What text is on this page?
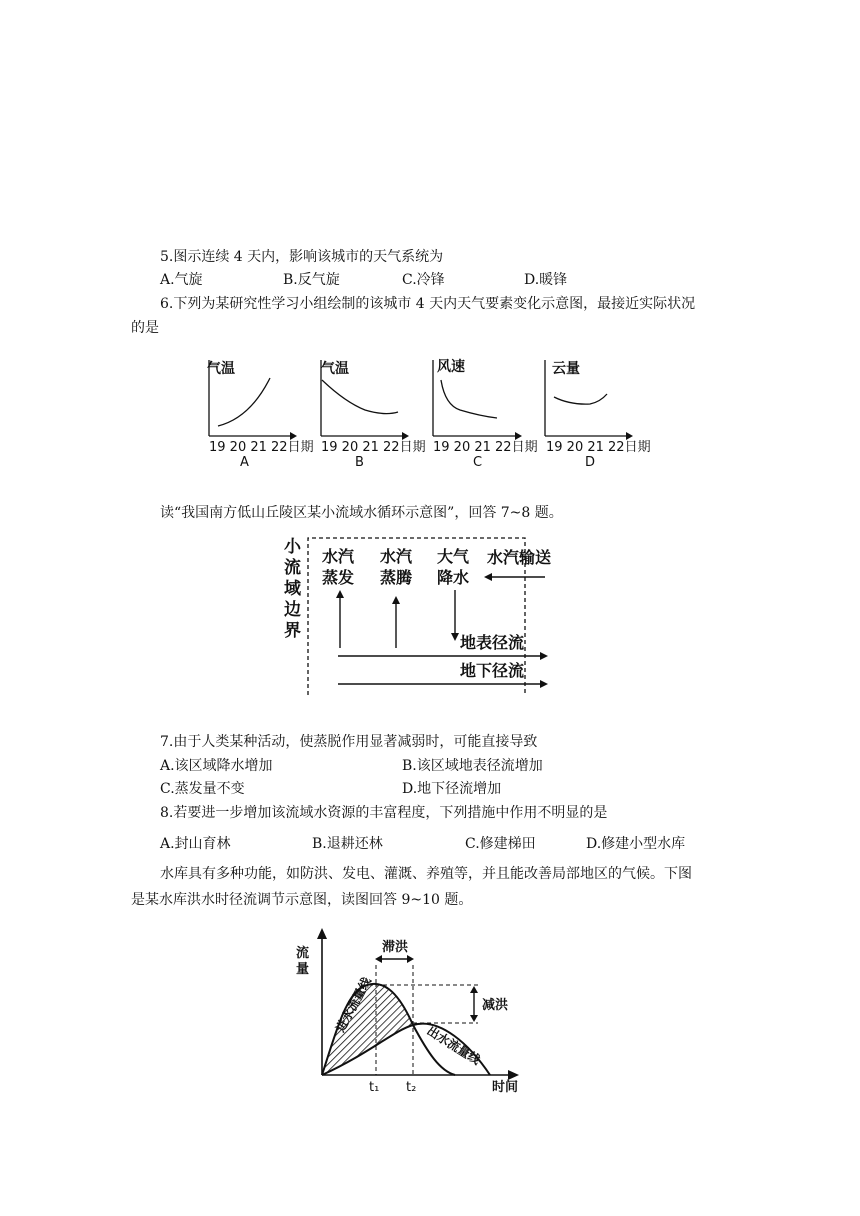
5.图示连续 4 天内，影响该城市的天气系统为
A.气旋	B.反气旋	C.冷锋	D.暖锋
6.下列为某研究性学习小组绘制的该城市 4 天内天气要素变化示意图，最接近实际状况
的是
气温
19 20 21 22日期
A
气温
19 20 21 22日期
B
风速
19 20 21 22日期
C
云量
19 20 21 22日期
D
读“我国南方低山丘陵区某小流域水循环示意图”，回答 7~8 题。
小
流
域
边
界
水汽
蒸发
水汽
蒸腾
大气
降水
水汽输送
地表径流
地下径流
7.由于人类某种活动，使蒸脱作用显著减弱时，可能直接导致
A.该区域降水增加	B.该区域地表径流增加
C.蒸发量不变	D.地下径流增加
8.若要进一步增加该流域水资源的丰富程度，下列措施中作用不明显的是
A.封山育林	B.退耕还林	C.修建梯田	D.修建小型水库
水库具有多种功能，如防洪、发电、灌溉、养殖等，并且能改善局部地区的气候。下图
是某水库洪水时径流调节示意图，读图回答 9~10 题。
流
量
时间
滞洪
减洪
进水流量线
出水流量线
t₁ t₂
